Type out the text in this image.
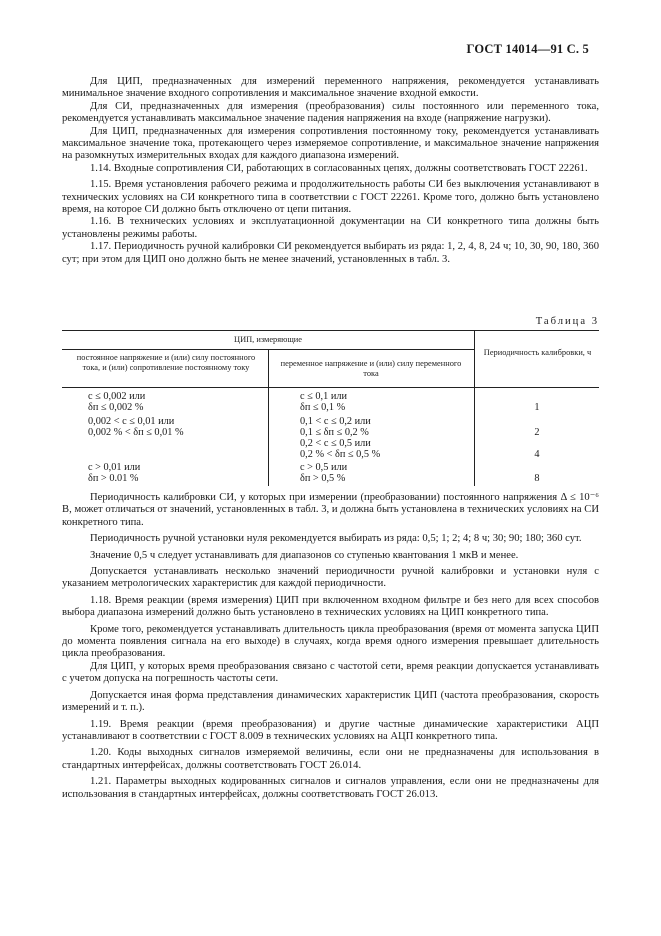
ГОСТ 14014—91 С. 5

Для ЦИП, предназначенных для измерений переменного напряжения, рекомендуется устанавливать минимальное значение входного сопротивления и максимальное значение входной емкости.

Для СИ, предназначенных для измерения (преобразования) силы постоянного или переменного тока, рекомендуется устанавливать максимальное значение падения напряжения на входе (напряжение нагрузки).

Для ЦИП, предназначенных для измерения сопротивления постоянному току, рекомендуется устанавливать максимальное значение тока, протекающего через измеряемое сопротивление, и максимальное значение напряжения на разомкнутых измерительных входах для каждого диапазона измерений.

1.14. Входные сопротивления СИ, работающих в согласованных цепях, должны соответствовать ГОСТ 22261.

1.15. Время установления рабочего режима и продолжительность работы СИ без выключения устанавливают в технических условиях на СИ конкретного типа в соответствии с ГОСТ 22261. Кроме того, должно быть установлено время, на которое СИ должно быть отключено от цепи питания.

1.16. В технических условиях и эксплуатационной документации на СИ конкретного типа должны быть установлены режимы работы.

1.17. Периодичность ручной калибровки СИ рекомендуется выбирать из ряда: 1, 2, 4, 8, 24 ч; 10, 30, 90, 180, 360 сут; при этом для ЦИП оно должно быть не менее значений, установленных в табл. 3.

Таблица 3
ЦИП, измеряющие
постоянное напряжение и (или) силу постоянного тока, и (или) сопротивление постоянному току	переменное напряжение и (или) силу переменного тока
Периодичность калибровки, ч
c ≤ 0,002 или
δп ≤ 0,002 %
0,002 < c ≤ 0,01 или
0,002 % < δп ≤ 0,01 %
c > 0,01 или
δп > 0.01 %
c ≤ 0,1 или
δп ≤ 0,1 %
0,1 < c ≤ 0,2 или
0,1 ≤ δп ≤ 0,2 %
0,2 < c ≤ 0,5 или
0,2 % < δп ≤ 0,5 %
c > 0,5 или
δп > 0,5 %
1
2
4
8

Периодичность калибровки СИ, у которых при измерении (преобразовании) постоянного напряжения Δ ≤ 10⁻⁶ В, может отличаться от значений, установленных в табл. 3, и должна быть установлена в технических условиях на СИ конкретного типа.

Периодичность ручной установки нуля рекомендуется выбирать из ряда: 0,5; 1; 2; 4; 8 ч; 30; 90; 180; 360 сут.

Значение 0,5 ч следует устанавливать для диапазонов со ступенью квантования 1 мкВ и менее.

Допускается устанавливать несколько значений периодичности ручной калибровки и установки нуля с указанием метрологических характеристик для каждой периодичности.

1.18. Время реакции (время измерения) ЦИП при включенном входном фильтре и без него для всех способов выбора диапазона измерений должно быть установлено в технических условиях на ЦИП конкретного типа.

Кроме того, рекомендуется устанавливать длительность цикла преобразования (время от момента запуска ЦИП до момента появления сигнала на его выходе) в случаях, когда время одного измерения превышает длительность цикла преобразования.

Для ЦИП, у которых время преобразования связано с частотой сети, время реакции допускается устанавливать с учетом допуска на погрешность частоты сети.

Допускается иная форма представления динамических характеристик ЦИП (частота преобразования, скорость измерений и т. п.).

1.19. Время реакции (время преобразования) и другие частные динамические характеристики АЦП устанавливают в соответствии с ГОСТ 8.009 в технических условиях на АЦП конкретного типа.

1.20. Коды выходных сигналов измеряемой величины, если они не предназначены для использования в стандартных интерфейсах, должны соответствовать ГОСТ 26.014.

1.21. Параметры выходных кодированных сигналов и сигналов управления, если они не предназначены для использования в стандартных интерфейсах, должны соответствовать ГОСТ 26.013.
